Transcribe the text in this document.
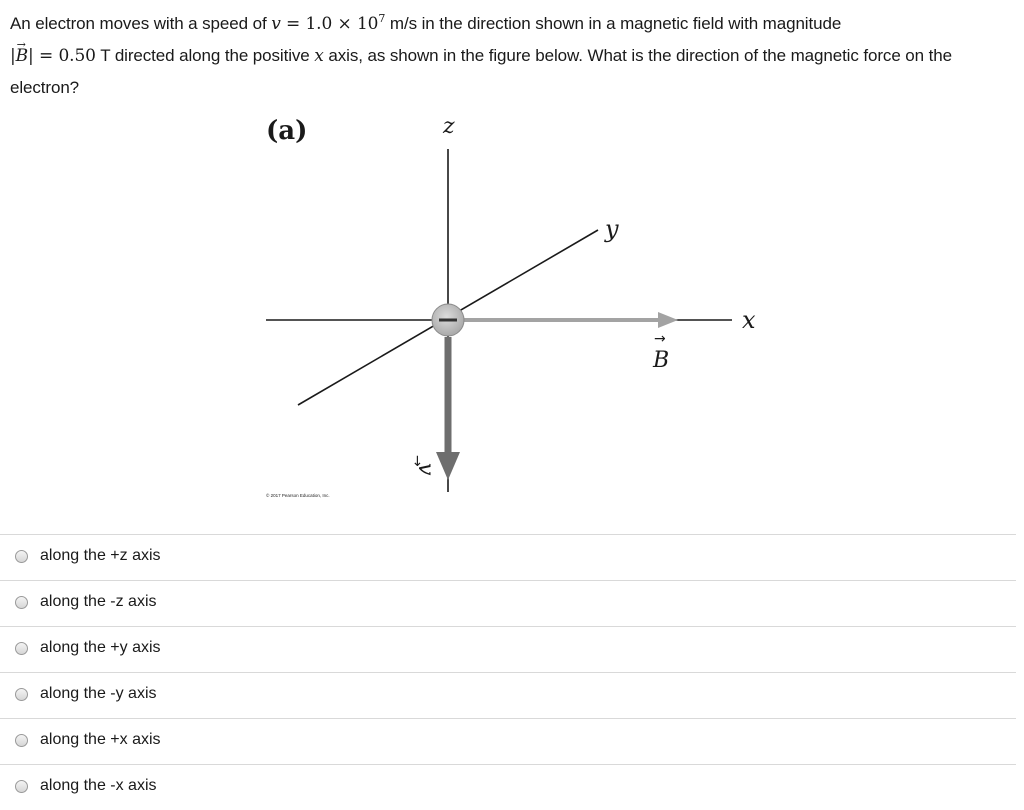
An electron moves with a speed of $v = 1.0 \times 10^7$ m/s in the direction shown in a magnetic field with magnitude
|→ B| = 0.50 T directed along the positive x axis, as shown in the figure below. What is the direction of the magnetic force on the electron?
(a)	z
y
x
B
→
v
→
© 2017 Pearson Education, Inc.
along the +z axis
along the -z axis
along the +y axis
along the -y axis
along the +x axis
along the -x axis
